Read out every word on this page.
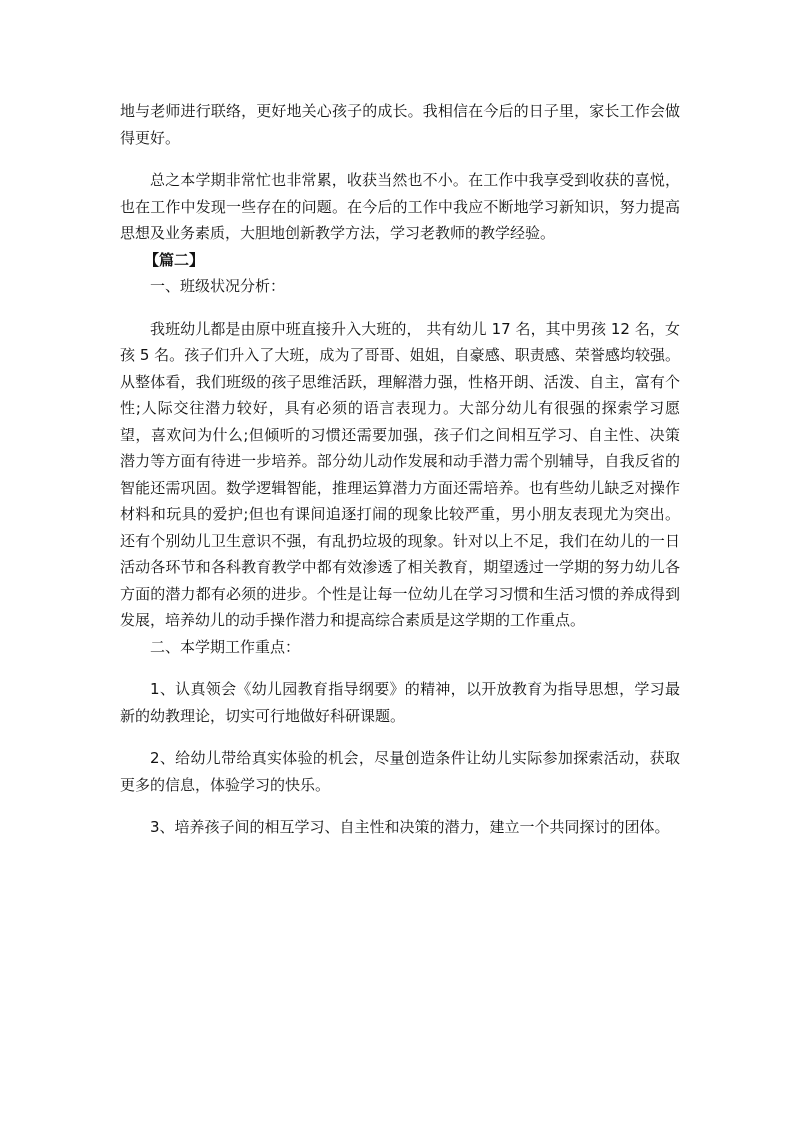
地与老师进行联络，更好地关心孩子的成长。我相信在今后的日子里，家长工作会做得更好。

总之本学期非常忙也非常累，收获当然也不小。在工作中我享受到收获的喜悦，也在工作中发现一些存在的问题。在今后的工作中我应不断地学习新知识，努力提高思想及业务素质，大胆地创新教学方法，学习老教师的教学经验。

【篇二】

一、班级状况分析：

我班幼儿都是由原中班直接升入大班的， 共有幼儿 17 名，其中男孩 12 名，女孩 5 名。孩子们升入了大班，成为了哥哥、姐姐，自豪感、职责感、荣誉感均较强。从整体看，我们班级的孩子思维活跃，理解潜力强，性格开朗、活泼、自主，富有个性;人际交往潜力较好，具有必须的语言表现力。大部分幼儿有很强的探索学习愿望，喜欢问为什么;但倾听的习惯还需要加强，孩子们之间相互学习、自主性、决策潜力等方面有待进一步培养。部分幼儿动作发展和动手潜力需个别辅导，自我反省的智能还需巩固。数学逻辑智能，推理运算潜力方面还需培养。也有些幼儿缺乏对操作材料和玩具的爱护;但也有课间追逐打闹的现象比较严重，男小朋友表现尤为突出。还有个别幼儿卫生意识不强，有乱扔垃圾的现象。针对以上不足，我们在幼儿的一日活动各环节和各科教育教学中都有效渗透了相关教育，期望透过一学期的努力幼儿各方面的潜力都有必须的进步。个性是让每一位幼儿在学习习惯和生活习惯的养成得到发展，培养幼儿的动手操作潜力和提高综合素质是这学期的工作重点。

二、本学期工作重点：

1、认真领会《幼儿园教育指导纲要》的精神，以开放教育为指导思想，学习最新的幼教理论，切实可行地做好科研课题。

2、给幼儿带给真实体验的机会，尽量创造条件让幼儿实际参加探索活动，获取更多的信息，体验学习的快乐。

3、培养孩子间的相互学习、自主性和决策的潜力，建立一个共同探讨的团体。
